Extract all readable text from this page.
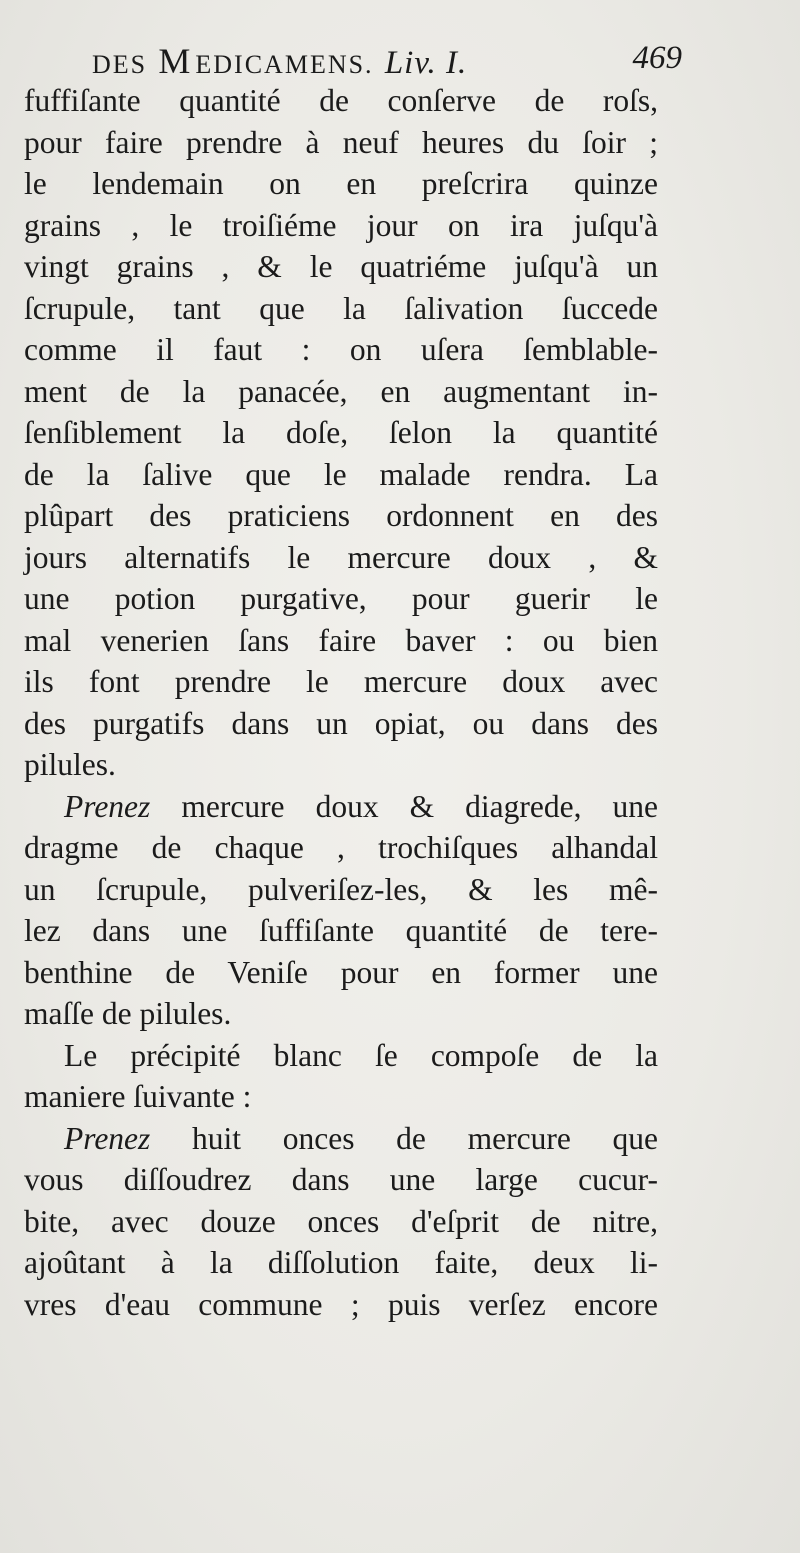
DES MEDICAMENS. Liv. I.	469
fuffiſante quantité de conſerve de roſs,
pour faire prendre à neuf heures du ſoir ;
le lendemain on en preſcrira quinze
grains , le troiſiéme jour on ira juſqu'à
vingt grains , & le quatriéme juſqu'à un
ſcrupule, tant que la ſalivation ſuccede
comme il faut : on uſera ſemblable-
ment de la panacée, en augmentant in-
ſenſiblement la doſe, ſelon la quantité
de la ſalive que le malade rendra. La
plûpart des praticiens ordonnent en des
jours alternatifs le mercure doux , &
une potion purgative, pour guerir le
mal venerien ſans faire baver : ou bien
ils font prendre le mercure doux avec
des purgatifs dans un opiat, ou dans des
pilules.
Prenez mercure doux & diagrede, une
dragme de chaque , trochiſques alhandal
un ſcrupule, pulveriſez-les, & les mê-
lez dans une ſuffiſante quantité de tere-
benthine de Veniſe pour en former une
maſſe de pilules.
Le précipité blanc ſe compoſe de la
maniere ſuivante :
Prenez huit onces de mercure que
vous diſſoudrez dans une large cucur-
bite, avec douze onces d'eſprit de nitre,
ajoûtant à la diſſolution faite, deux li-
vres d'eau commune ; puis verſez encore
